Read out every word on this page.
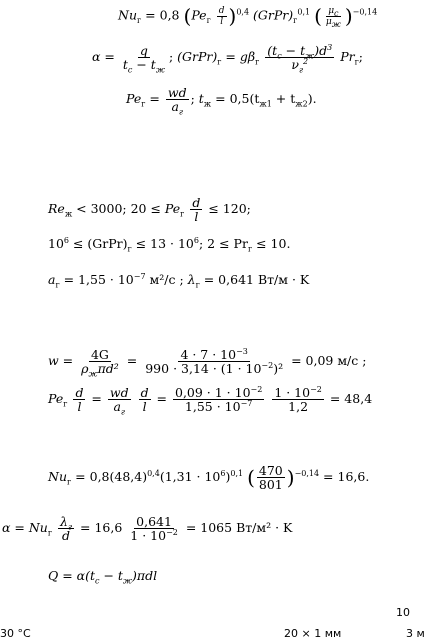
$Nu_г = 0,8$ $(Pe_г \frac{d}{l} )^{0,4}$ $(GrPr)_г^{0,1}$ ( $\frac{\mu_с}{\mu_ж} )^{-0,14}$
$\alpha = \frac{q}{t_c - t_ж}$ ; $(GrPr)_г = g\beta_г \frac{(t_c - t_ж)d^3}{\nu_г^2} Pr_г$;
$Pe_г = \frac{wd}{a_г}$ ; $t_ж = 0,5(t_{ж1} + t_{ж2})$.
$Re_ж < 3000$; $20 \le Pe_г \frac{d}{l} \le 120$;
$10^6$ ≤ $(GrPr)_г \le 13 \cdot 10^6$; $2 \le Pr_г \le 10$.
$a_г = 1,55 \cdot 10^{-7}$ м²/с ; $\lambda_г = 0,641$ Вт/м · K
$w = \frac{4G}{\rho_ж\pi d^2} = \frac{4 \cdot 7 \cdot 10^{-3}}{990 \cdot 3,14 \cdot (1 \cdot 10^{-2})^2} = 0,09$ м/с ;
$Pe_г \frac{d}{l} = \frac{wd}{a_г}$
$\frac{d}{l} = \frac{0,09 \cdot 1 \cdot 10^{-2}}{1,55 \cdot 10^{-7}}$
$\frac{1 \cdot 10^{-2}}{1,2} = 48,4$
$Nu_г = 0,8(48,4)^{0,4}(1,31 \cdot 10^6)^{0,1}$ ( $\frac{470}{801} )^{-0,14} = 16,6$.
$\alpha = Nu_г \frac{\lambda_г}{d} = 16,6 \frac{0,641}{1 \cdot 10^{-2}} = 1065$ Вт/м² · K
$Q = \alpha(t_c - t_ж)\pi dl$
10
30 °C	20 × 1 мм	3 м
